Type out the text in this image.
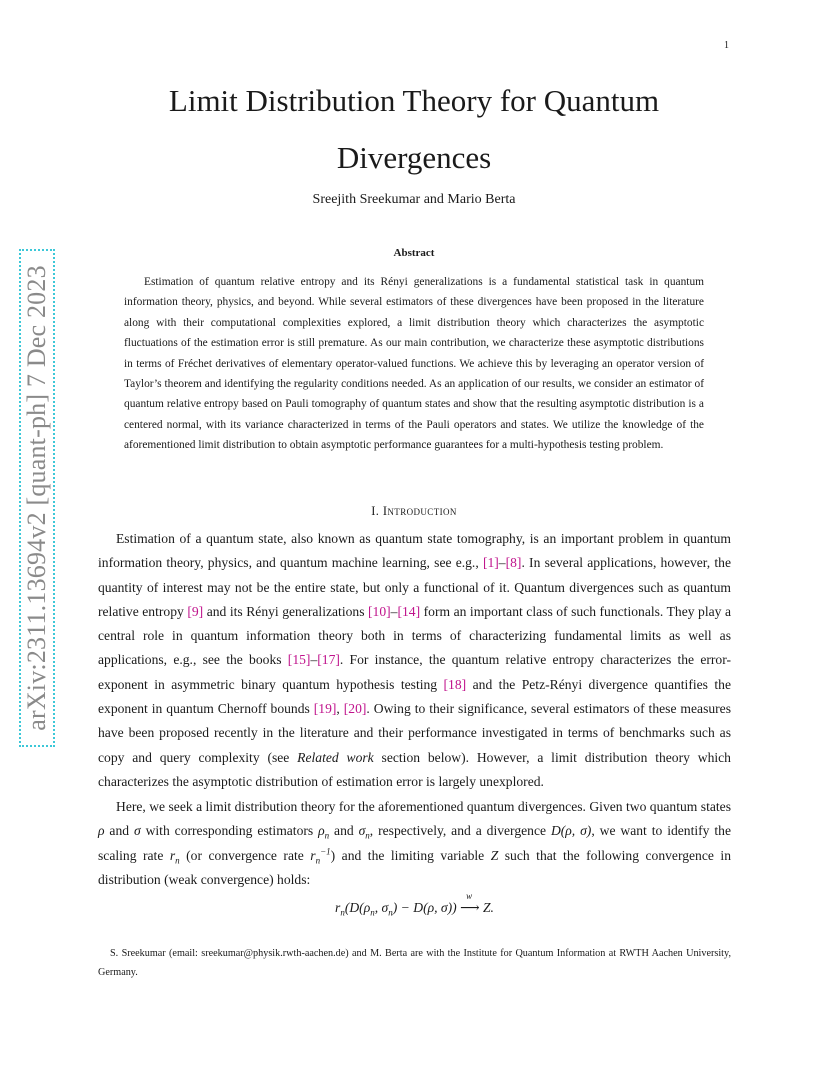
1
arXiv:2311.13694v2 [quant-ph] 7 Dec 2023
Limit Distribution Theory for Quantum Divergences
Sreejith Sreekumar and Mario Berta
Abstract

Estimation of quantum relative entropy and its Rényi generalizations is a fundamental statistical task in quantum information theory, physics, and beyond. While several estimators of these divergences have been proposed in the literature along with their computational complexities explored, a limit distribution theory which characterizes the asymptotic fluctuations of the estimation error is still premature. As our main contribution, we characterize these asymptotic distributions in terms of Fréchet derivatives of elementary operator-valued functions. We achieve this by leveraging an operator version of Taylor’s theorem and identifying the regularity conditions needed. As an application of our results, we consider an estimator of quantum relative entropy based on Pauli tomography of quantum states and show that the resulting asymptotic distribution is a centered normal, with its variance characterized in terms of the Pauli operators and states. We utilize the knowledge of the aforementioned limit distribution to obtain asymptotic performance guarantees for a multi-hypothesis testing problem.

I. Introduction

Estimation of a quantum state, also known as quantum state tomography, is an important problem in quantum information theory, physics, and quantum machine learning, see e.g., [1]–[8]. In several applications, however, the quantity of interest may not be the entire state, but only a functional of it. Quantum divergences such as quantum relative entropy [9] and its Rényi generalizations [10]–[14] form an important class of such functionals. They play a central role in quantum information theory both in terms of characterizing fundamental limits as well as applications, e.g., see the books [15]–[17]. For instance, the quantum relative entropy characterizes the error-exponent in asymmetric binary quantum hypothesis testing [18] and the Petz-Rényi divergence quantifies the exponent in quantum Chernoff bounds [19], [20]. Owing to their significance, several estimators of these measures have been proposed recently in the literature and their performance investigated in terms of benchmarks such as copy and query complexity (see Related work section below). However, a limit distribution theory which characterizes the asymptotic distribution of estimation error is largely unexplored.

Here, we seek a limit distribution theory for the aforementioned quantum divergences. Given two quantum states ρ and σ with corresponding estimators $\rho_n$ and $\sigma_n$, respectively, and a divergence D(ρ, σ), we want to identify the scaling rate $r_n$ (or convergence rate $r_n^{-1}$) and the limiting variable Z such that the following convergence in distribution (weak convergence) holds:

$r_n(D(\rho_n$, $\sigma_n) - D(\rho$, σ))
w
⟶ Z.

S. Sreekumar (email: sreekumar@physik.rwth-aachen.de) and M. Berta are with the Institute for Quantum Information at RWTH Aachen University, Germany.
